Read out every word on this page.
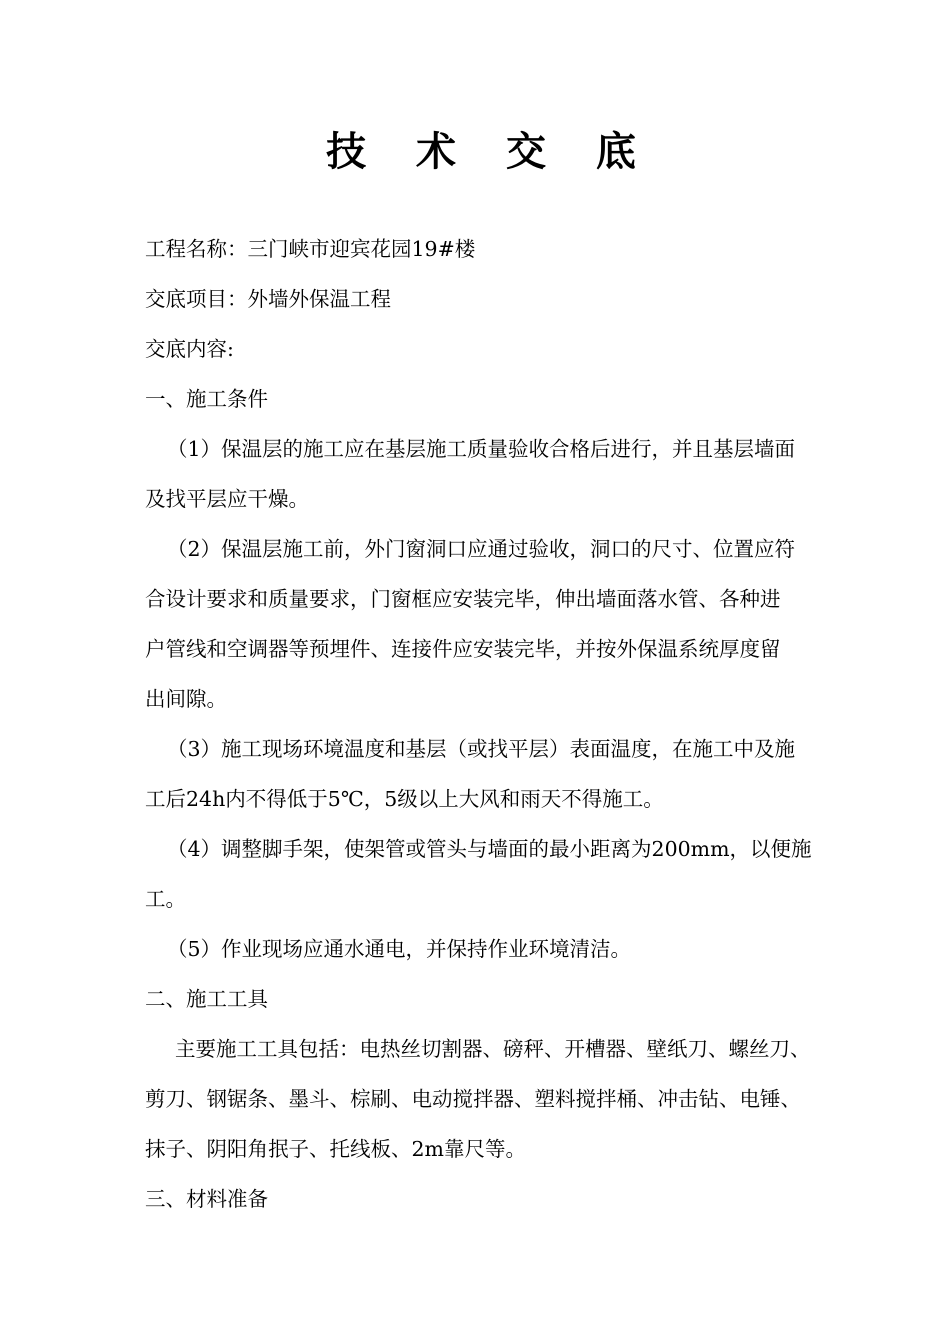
技 术 交 底
工程名称：三门峡市迎宾花园19#楼
交底项目：外墙外保温工程
交底内容:
一、施工条件
（1）保温层的施工应在基层施工质量验收合格后进行，并且基层墙面
及找平层应干燥。
（2）保温层施工前，外门窗洞口应通过验收，洞口的尺寸、位置应符
合设计要求和质量要求，门窗框应安装完毕，伸出墙面落水管、各种进
户管线和空调器等预埋件、连接件应安装完毕，并按外保温系统厚度留
出间隙。
（3）施工现场环境温度和基层（或找平层）表面温度，在施工中及施
工后24h内不得低于5℃，5级以上大风和雨天不得施工。
（4）调整脚手架，使架管或管头与墙面的最小距离为200mm，以便施
工。
（5）作业现场应通水通电，并保持作业环境清洁。
二、施工工具
主要施工工具包括：电热丝切割器、磅秤、开槽器、壁纸刀、螺丝刀、
剪刀、钢锯条、墨斗、棕刷、电动搅拌器、塑料搅拌桶、冲击钻、电锤、
抹子、阴阳角抿子、托线板、2m靠尺等。
三、材料准备
